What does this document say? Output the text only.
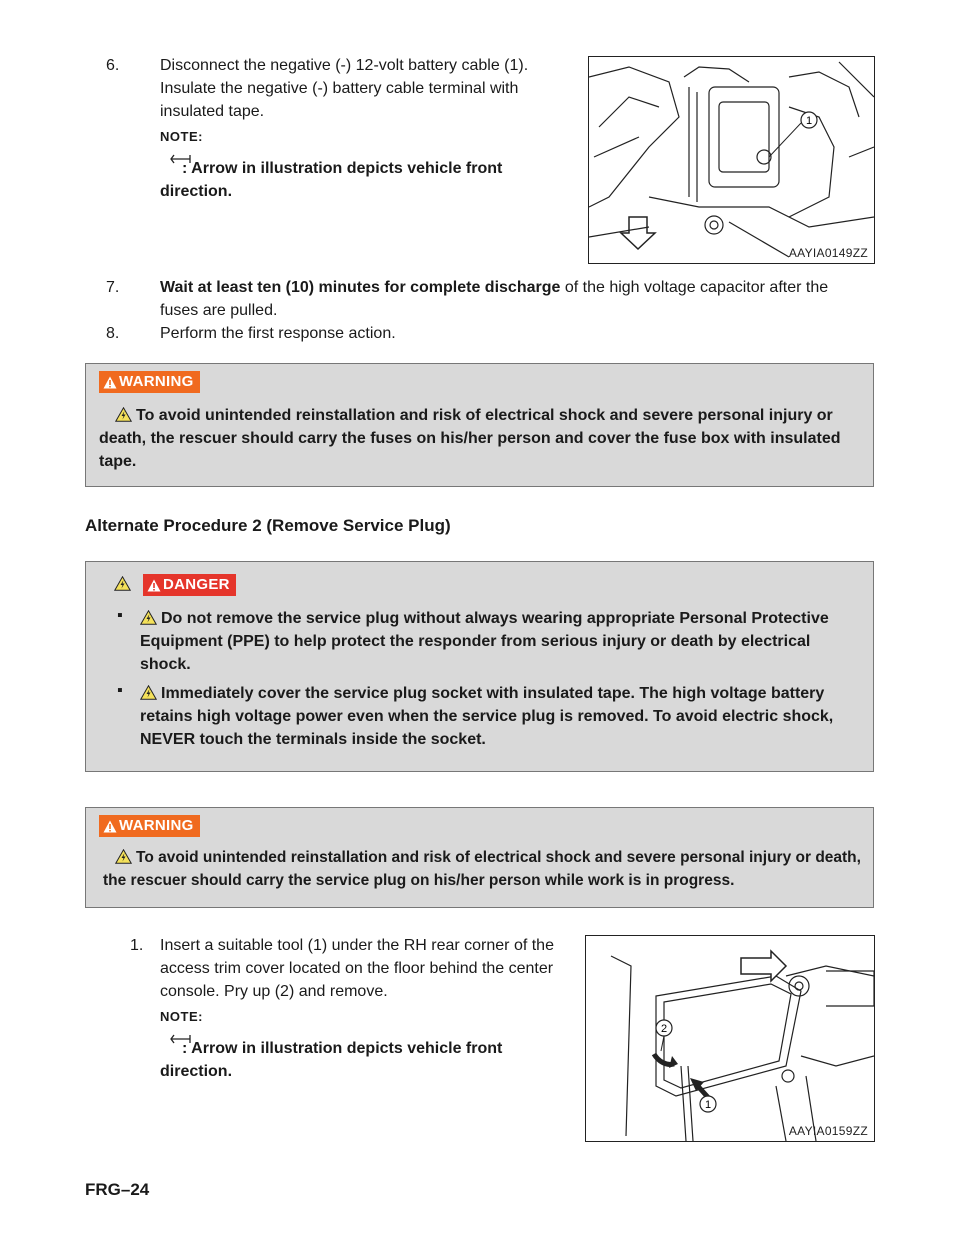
6.	Disconnect the negative (-) 12-volt battery cable (1). Insulate the negative (-) battery cable terminal with insulated tape.
NOTE:
: Arrow in illustration depicts vehicle front direction.
1
AAYIA0149ZZ
7.	Wait at least ten (10) minutes for complete discharge of the high voltage capacitor after the fuses are pulled.
8.	Perform the first response action.
WARNING
To avoid unintended reinstallation and risk of electrical shock and severe personal injury or death, the rescuer should carry the fuses on his/her person and cover the fuse box with insulated tape.
Alternate Procedure 2 (Remove Service Plug)
DANGER
▪	Do not remove the service plug without always wearing appropriate Personal Protective Equipment (PPE) to help protect the responder from serious injury or death by electrical shock.
▪	Immediately cover the service plug socket with insulated tape. The high voltage battery retains high voltage power even when the service plug is removed. To avoid electric shock, NEVER touch the terminals inside the socket.
WARNING
To avoid unintended reinstallation and risk of electrical shock and severe personal injury or death, the rescuer should carry the service plug on his/her person while work is in progress.
1. Insert a suitable tool (1) under the RH rear corner of the access trim cover located on the floor behind the center console. Pry up (2) and remove.
NOTE:
: Arrow in illustration depicts vehicle front direction.
2
1
AAYIA0159ZZ
FRG–24
